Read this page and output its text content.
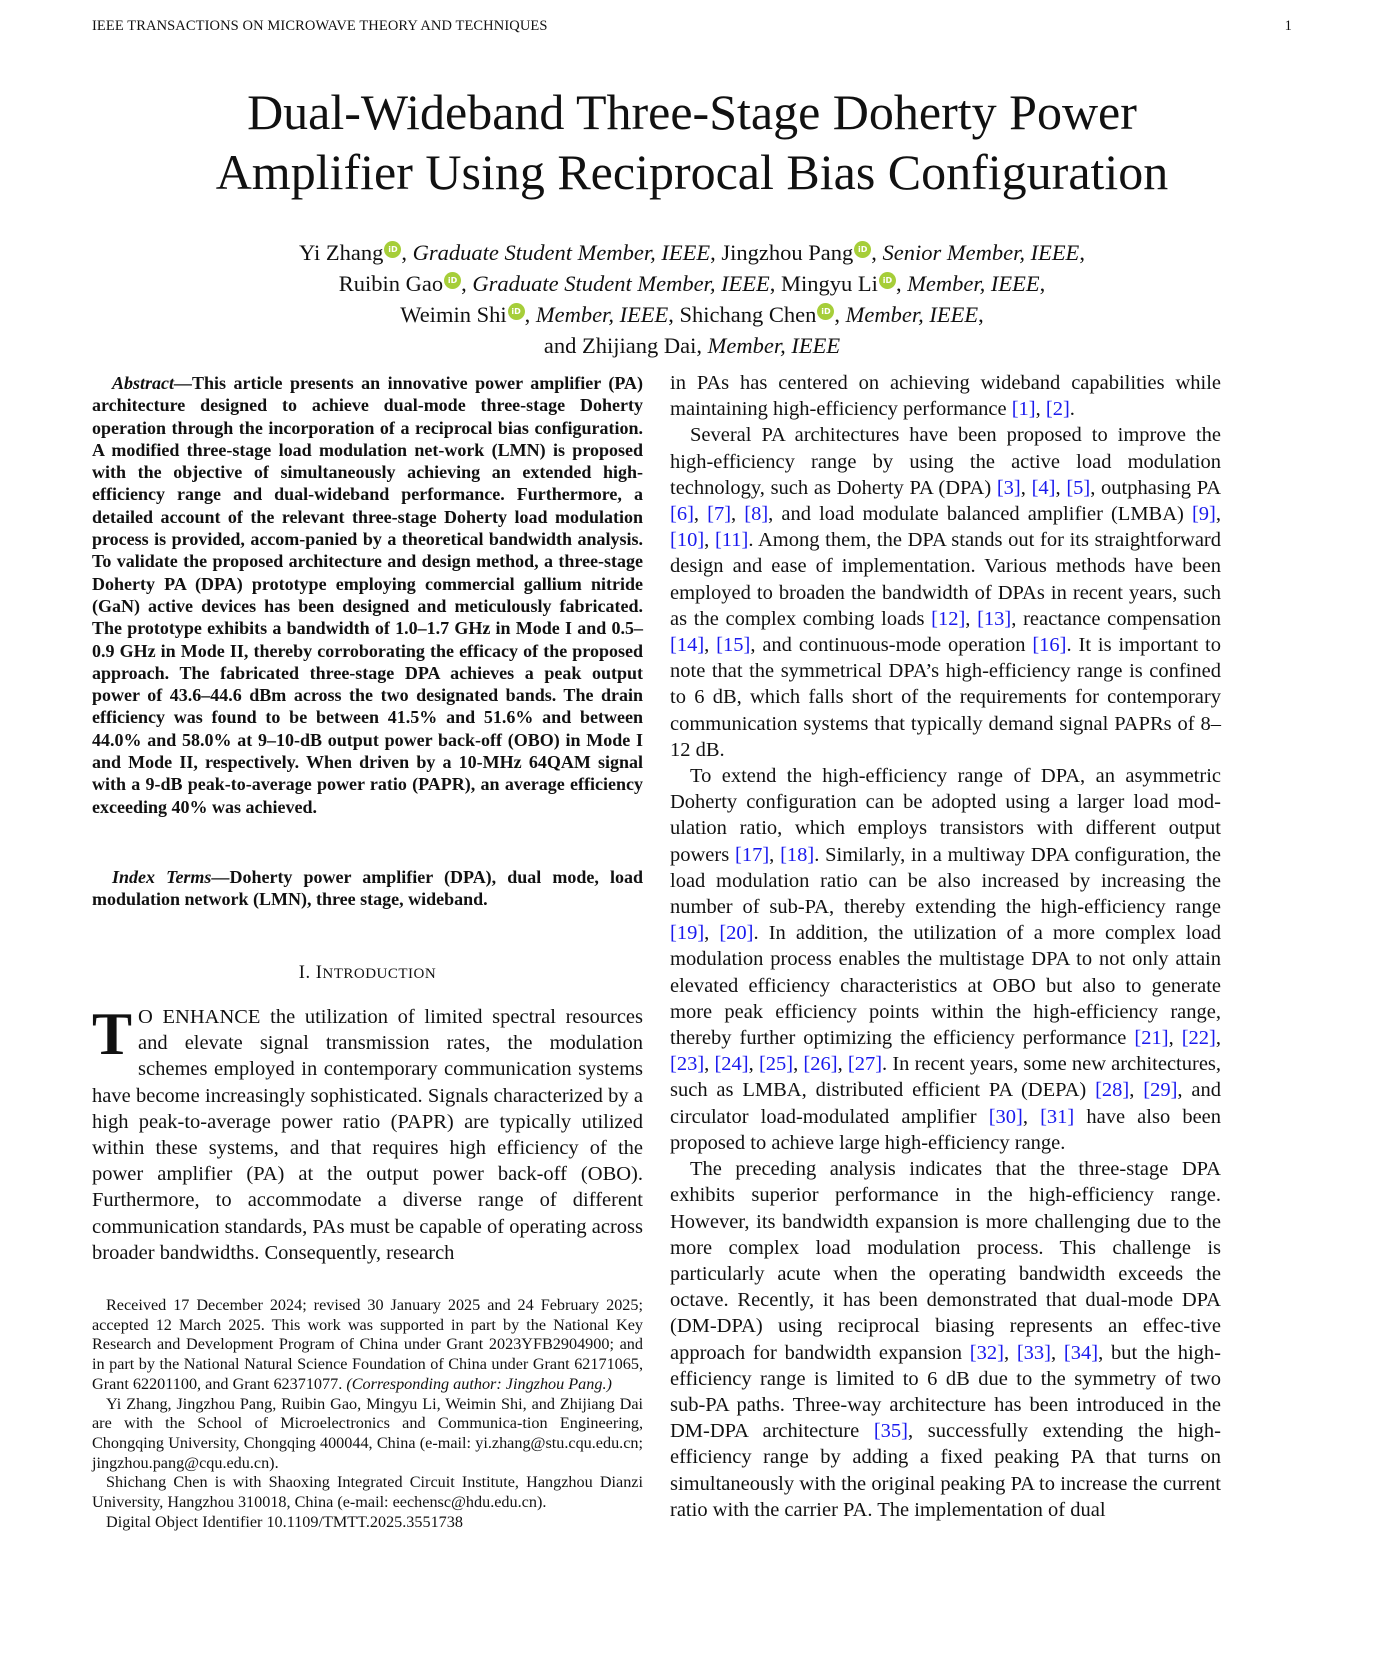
IEEE TRANSACTIONS ON MICROWAVE THEORY AND TECHNIQUES	1
Dual-Wideband Three-Stage Doherty Power
Amplifier Using Reciprocal Bias Configuration
Yi Zhang iD , Graduate Student Member, IEEE, Jingzhou Pang iD , Senior Member, IEEE,
Ruibin Gao iD , Graduate Student Member, IEEE, Mingyu Li iD , Member, IEEE,
Weimin Shi iD , Member, IEEE, Shichang Chen iD , Member, IEEE,
and Zhijiang Dai, Member, IEEE
Abstract—This article presents an innovative power amplifier (PA) architecture designed to achieve dual-mode three-stage Doherty operation through the incorporation of a reciprocal bias configuration. A modified three-stage load modulation net-work (LMN) is proposed with the objective of simultaneously achieving an extended high-efficiency range and dual-wideband performance. Furthermore, a detailed account of the relevant three-stage Doherty load modulation process is provided, accom-panied by a theoretical bandwidth analysis. To validate the proposed architecture and design method, a three-stage Doherty PA (DPA) prototype employing commercial gallium nitride (GaN) active devices has been designed and meticulously fabricated. The prototype exhibits a bandwidth of 1.0–1.7 GHz in Mode I and 0.5–0.9 GHz in Mode II, thereby corroborating the efficacy of the proposed approach. The fabricated three-stage DPA achieves a peak output power of 43.6–44.6 dBm across the two designated bands. The drain efficiency was found to be between 41.5% and 51.6% and between 44.0% and 58.0% at 9–10-dB output power back-off (OBO) in Mode I and Mode II, respectively. When driven by a 10-MHz 64QAM signal with a 9-dB peak-to-average power ratio (PAPR), an average efficiency exceeding 40% was achieved.
Index Terms—Doherty power amplifier (DPA), dual mode, load modulation network (LMN), three stage, wideband.
I. INTRODUCTION
T O ENHANCE the utilization of limited spectral resources and elevate signal transmission rates, the modulation schemes employed in contemporary communication systems have become increasingly sophisticated. Signals characterized by a high peak-to-average power ratio (PAPR) are typically utilized within these systems, and that requires high efficiency of the power amplifier (PA) at the output power back-off (OBO). Furthermore, to accommodate a diverse range of different communication standards, PAs must be capable of operating across broader bandwidths. Consequently, research

Received 17 December 2024; revised 30 January 2025 and 24 February 2025; accepted 12 March 2025. This work was supported in part by the National Key Research and Development Program of China under Grant 2023YFB2904900; and in part by the National Natural Science Foundation of China under Grant 62171065, Grant 62201100, and Grant 62371077. (Corresponding author: Jingzhou Pang.)

Yi Zhang, Jingzhou Pang, Ruibin Gao, Mingyu Li, Weimin Shi, and Zhijiang Dai are with the School of Microelectronics and Communica-tion Engineering, Chongqing University, Chongqing 400044, China (e-mail: yi.zhang@stu.cqu.edu.cn; jingzhou.pang@cqu.edu.cn).

Shichang Chen is with Shaoxing Integrated Circuit Institute, Hangzhou Dianzi University, Hangzhou 310018, China (e-mail: eechensc@hdu.edu.cn).

Digital Object Identifier 10.1109/TMTT.2025.3551738

in PAs has centered on achieving wideband capabilities while maintaining high-efficiency performance [1], [2].

Several PA architectures have been proposed to improve the high-efficiency range by using the active load modulation technology, such as Doherty PA (DPA) [3], [4], [5], outphasing PA [6], [7], [8], and load modulate balanced amplifier (LMBA) [9], [10], [11]. Among them, the DPA stands out for its straightforward design and ease of implementation. Various methods have been employed to broaden the bandwidth of DPAs in recent years, such as the complex combing loads [12], [13], reactance compensation [14], [15], and continuous-mode operation [16]. It is important to note that the symmetrical DPA’s high-efficiency range is confined to 6 dB, which falls short of the requirements for contemporary communication systems that typically demand signal PAPRs of 8–12 dB.

To extend the high-efficiency range of DPA, an asymmetric Doherty configuration can be adopted using a larger load mod-ulation ratio, which employs transistors with different output powers [17], [18]. Similarly, in a multiway DPA configuration, the load modulation ratio can be also increased by increasing the number of sub-PA, thereby extending the high-efficiency range [19], [20]. In addition, the utilization of a more complex load modulation process enables the multistage DPA to not only attain elevated efficiency characteristics at OBO but also to generate more peak efficiency points within the high-efficiency range, thereby further optimizing the efficiency performance [21], [22], [23], [24], [25], [26], [27]. In recent years, some new architectures, such as LMBA, distributed efficient PA (DEPA) [28], [29], and circulator load-modulated amplifier [30], [31] have also been proposed to achieve large high-efficiency range.

The preceding analysis indicates that the three-stage DPA exhibits superior performance in the high-efficiency range. However, its bandwidth expansion is more challenging due to the more complex load modulation process. This challenge is particularly acute when the operating bandwidth exceeds the octave. Recently, it has been demonstrated that dual-mode DPA (DM-DPA) using reciprocal biasing represents an effec-tive approach for bandwidth expansion [32], [33], [34], but the high-efficiency range is limited to 6 dB due to the symmetry of two sub-PA paths. Three-way architecture has been introduced in the DM-DPA architecture [35], successfully extending the high-efficiency range by adding a fixed peaking PA that turns on simultaneously with the original peaking PA to increase the current ratio with the carrier PA. The implementation of dual
